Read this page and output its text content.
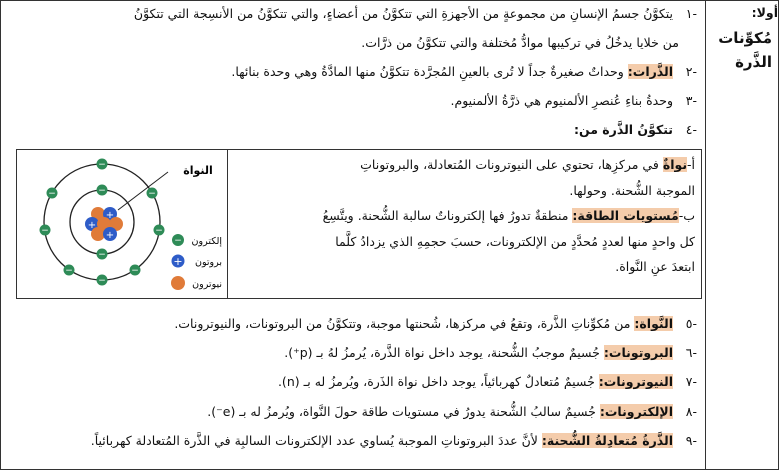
أولا:
مُكوِّنات
الذَّرة
-١ يتكوَّنُ جسمُ الإنسانِ من مجموعةٍ من الأجهزةِ التي تتكوَّنُ من أعضاءٍ، والتي تتكوَّنُ من الأنسِجة التي تتكوَّنُ
من خلايا يدخُلُ في تركيبها موادُّ مُختلفة والتي تتكوَّنُ من ذرَّات.
-٢ الذَّرات: وحداتٌ صغيرةٌ جداً لا تُرى بالعينِ المُجرَّدة تتكوَّنُ منها المادَّةُ وهي وحدة بنائها.
-٣ وحدةُ بناءِ عُنصرِ الألمنيوم هي ذرَّةُ الألمنيوم.
-٤ تتكوَّنُ الذَّرة من:

أ-نواةٌ في مركزِها، تحتوي على النيوترونات المُتعادلة، والبروتوناتِ

الموجبة الشُّحنة. وحولها.

ب-مُستويات الطاقة: منطقةٌ تدورُ فها إلكتروناتٌ سالبة الشُّحنة. ويتَّسِعُ

كل واحدٍ منها لعددٍ مُحدَّدٍ من الإلكترونات، حسبَ حجمِهِ الذي يزدادُ كلَّما

ابتعدَ عنِ النَّواة.

+
+
+
النواة
−
−
−
−
−
−
−
−
−
−
− إلكترون
+ بروتون
نيوترون
-٥ النَّواة: من مُكوِّناتِ الذَّرة، وتقعُ في مركزها، شُحنتها موجبة، وتتكوَّنُ من البروتونات، والنيوترونات.
-٦ البروتونات: جُسيمٌ موجبُ الشُّحنة، يوجد داخل نواة الذَّرة، يُرمزُ لهُ بـ (p⁺).
-٧ النيوترونات: جُسيمٌ مُتعادلٌ كهربائياً، يوجد داخل نواة الذَرة، ويُرمزُ له بـ (n).
-٨ الإلكترونات: جُسيمٌ سالبُ الشُّحنة يدورُ في مستويات طاقة حولَ النَّواة، ويُرمزُ له بـ (e⁻).
-٩ الذَّرةُ مُتعادِلةُ الشُّحنة: لأنَّ عددَ البروتوناتِ الموجبة يُساوي عدد الإلكترونات السالبِة في الذَّرة المُتعادلة كهربائياً.
